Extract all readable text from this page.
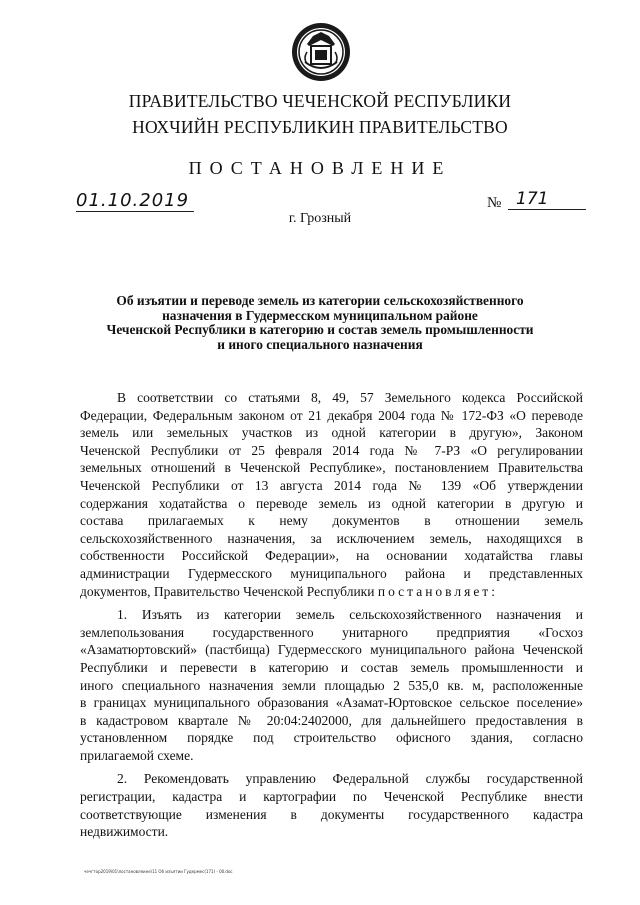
ПРАВИТЕЛЬСТВО ЧЕЧЕНСКОЙ РЕСПУБЛИКИ
НОХЧИЙН РЕСПУБЛИКИН ПРАВИТЕЛЬСТВО
ПОСТАНОВЛЕНИЕ
01.10.2019	№ 171
г. Грозный
Об изъятии и переводе земель из категории сельскохозяйственного
назначения в Гудермесском муниципальном районе
Чеченской Республики в категорию и состав земель промышленности
и иного специального назначения

В соответствии со статьями 8, 49, 57 Земельного кодекса Российской
Федерации, Федеральным законом от 21 декабря 2004 года № 172-ФЗ «О переводе
земель или земельных участков из одной категории в другую», Законом
Чеченской Республики от 25 февраля 2014 года № 7-РЗ «О регулировании
земельных отношений в Чеченской Республике», постановлением Правительства
Чеченской Республики от 13 августа 2014 года № 139 «Об утверждении
содержания ходатайства о переводе земель из одной категории в другую и
состава прилагаемых к нему документов в отношении земель
сельскохозяйственного назначения, за исключением земель, находящихся в
собственности Российской Федерации», на основании ходатайства главы
администрации Гудермесского муниципального района и представленных
документов, Правительство Чеченской Республики постановляет:

1. Изъять из категории земель сельскохозяйственного назначения и
землепользования государственного унитарного предприятия «Госхоз
«Азаматюртовский» (пастбища) Гудермесского муниципального района Чеченской
Республики и перевести в категорию и состав земель промышленности и
иного специального назначения земли площадью 2 535,0 кв. м, расположенные
в границах муниципального образования «Азамат-Юртовское сельское поселение»
в кадастровом квартале № 20:04:2402000, для дальнейшего предоставления в
установленном порядке под строительство офисного здания, согласно
прилагаемой схеме.

2. Рекомендовать управлению Федеральной службы государственной
регистрации, кадастра и картографии по Чеченской Республике внести
соответствующие изменения в документы государственного кадастра
недвижимости.

чечгтор2019\01\постановлеине\11 Об изъятии Гудермес(171) - 00.doc
